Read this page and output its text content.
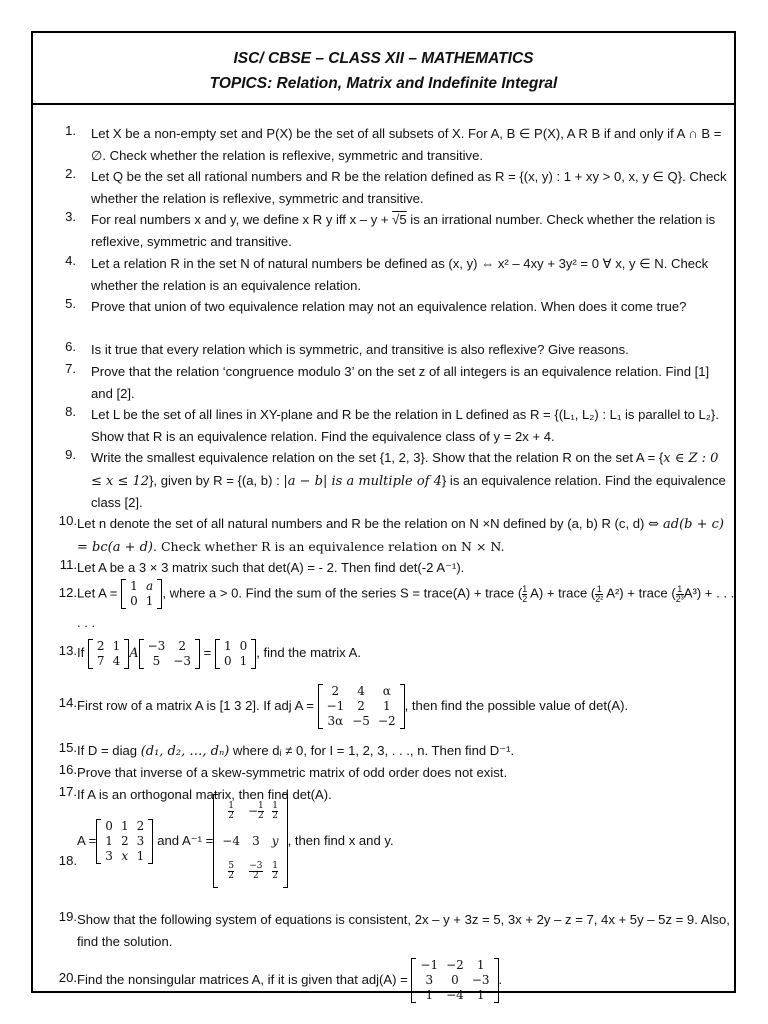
ISC/ CBSE – CLASS XII – MATHEMATICS
TOPICS: Relation, Matrix and Indefinite Integral
1. Let X be a non-empty set and P(X) be the set of all subsets of X. For A, B ∈ P(X), A R B if and only if A ∩ B = ∅. Check whether the relation is reflexive, symmetric and transitive.
2. Let Q be the set all rational numbers and R be the relation defined as R = {(x, y) : 1 + xy > 0, x, y ∈ Q}. Check whether the relation is reflexive, symmetric and transitive.
3. For real numbers x and y, we define x R y iff x – y + √5 is an irrational number. Check whether the relation is reflexive, symmetric and transitive.
4. Let a relation R in the set N of natural numbers be defined as (x, y) ⇔ x² – 4xy + 3y² = 0 ∀ x, y ∈ N. Check whether the relation is an equivalence relation.
5. Prove that union of two equivalence relation may not an equivalence relation. When does it come true?
6. Is it true that every relation which is symmetric, and transitive is also reflexive? Give reasons.
7. Prove that the relation ‘congruence modulo 3’ on the set z of all integers is an equivalence relation. Find [1] and [2].
8. Let L be the set of all lines in XY-plane and R be the relation in L defined as R = {(L₁, L₂) : L₁ is parallel to L₂}. Show that R is an equivalence relation. Find the equivalence class of y = 2x + 4.
9. Write the smallest equivalence relation on the set {1, 2, 3}. Show that the relation R on the set A = {x ∈ Z : 0 ≤ x ≤ 12}, given by R = {(a, b) : |a − b| is a multiple of 4} is an equivalence relation. Find the equivalence class [2].
10. Let n denote the set of all natural numbers and R be the relation on N ×N defined by (a, b) R (c, d) ⇔ ad(b + c) = bc(a + d). Check whether R is an equivalence relation on N × N.
11. Let A be a 3 × 3 matrix such that det(A) = - 2. Then find det(-2 A⁻¹).
12. Let A = 1	a
0	1
, where a > 0. Find the sum of the series S = trace(A) + trace ( $\frac{1}{2} A$) + trace ( $\frac{1}{\text{2²}} A^2$) + trace ( $\frac{1}{\text{2³}} A^3$) + . . . . . .
13. If 2	1
7	4 A
−3	2
5	−3
= 1	0
0	1
, find the matrix A.
14. First row of a matrix A is [1 3 2]. If adj A =
2	4	α
−1	2	1
3α	−5	−2
, then find the possible value of det(A).
15. If D = diag (d₁, d₂, …, dₙ) where dᵢ ≠ 0, for I = 1, 2, 3, . . ., n. Then find D⁻¹.
16. Prove that inverse of a skew-symmetric matrix of odd order does not exist.
17. If A is an orthogonal matrix, then find det(A).
18.
A =
0	1	2
1	2	3
3	x	1
and A⁻¹ =
$\frac{1}{2}$	− $\frac{1}{2}$	$\frac{1}{2}$

−4	3	y

$\frac{5}{2}$	$\frac{-3}{2}$	$\frac{1}{2}$
, then find x and y.
19. Show that the following system of equations is consistent, 2x – y + 3z = 5, 3x + 2y – z = 7, 4x + 5y – 5z = 9. Also, find the solution.
20. Find the nonsingular matrices A, if it is given that adj(A) =
−1	−2	1
3	0	−3
1	−4	1
.
